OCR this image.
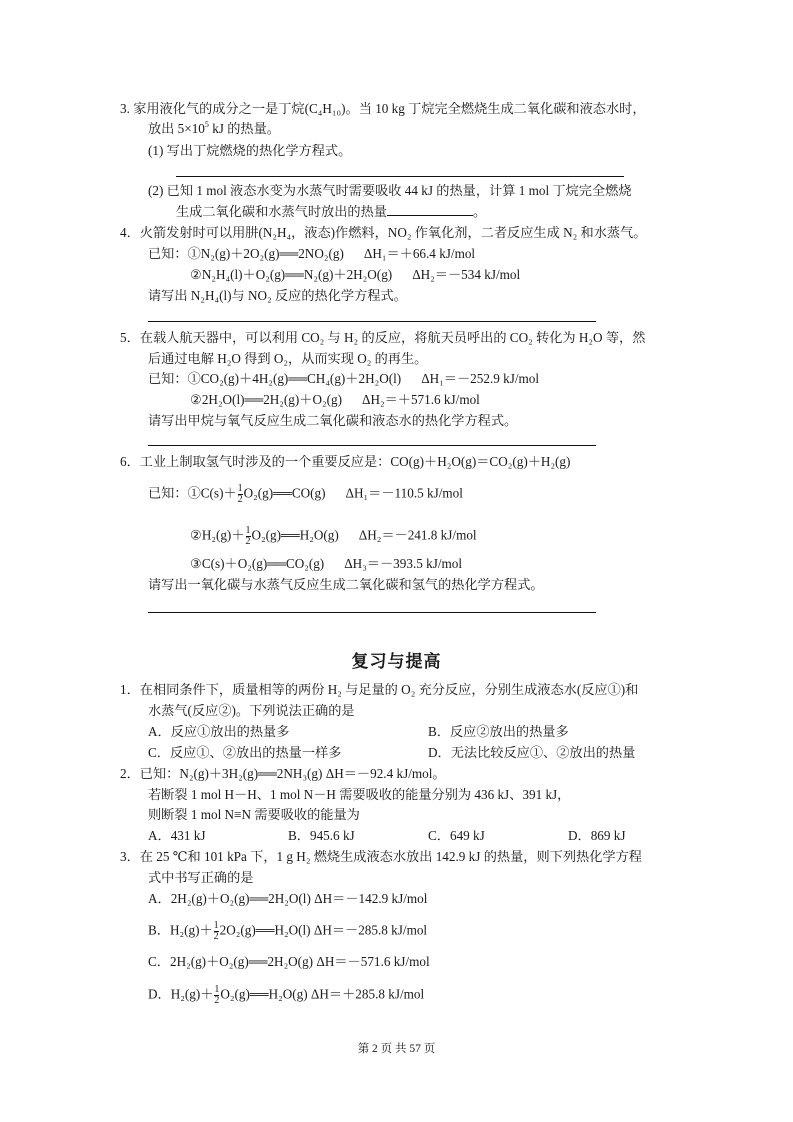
3. 家用液化气的成分之一是丁烷(C₄H₁₀)。当 10 kg 丁烷完全燃烧生成二氧化碳和液态水时，
放出 $5\times 10^5$ kJ 的热量。
(1) 写出丁烷燃烧的热化学方程式。
(2) 已知 1 mol 液态水变为水蒸气时需要吸收 44 kJ 的热量，计算 1 mol 丁烷完全燃烧
生成二氧化碳和水蒸气时放出的热量	。
4．火箭发射时可以用肼(N₂H₄，液态)作燃料，NO₂ 作氧化剂，二者反应生成 N₂ 和水蒸气。
已知：①N₂(g)＋2O₂(g)══2NO₂(g) ΔH₁＝＋66.4 kJ/mol
②N₂H₄(l)＋O₂(g)══N₂(g)＋2H₂O(g) ΔH₂＝－534 kJ/mol
请写出 N₂H₄(l)与 NO₂ 反应的热化学方程式。
5．在载人航天器中，可以利用 CO₂ 与 H₂ 的反应，将航天员呼出的 CO₂ 转化为 H₂O 等，然
后通过电解 H₂O 得到 O₂，从而实现 O₂ 的再生。
已知：①CO₂(g)＋4H₂(g)══CH₄(g)＋2H₂O(l) ΔH₁＝－252.9 kJ/mol
②2H₂O(l)══2H₂(g)＋O₂(g) ΔH₂＝＋571.6 kJ/mol
请写出甲烷与氧气反应生成二氧化碳和液态水的热化学方程式。
6．工业上制取氢气时涉及的一个重要反应是：CO(g)＋H₂O(g)＝CO₂(g)＋H₂(g)
已知：①C(s)＋ $\frac{1}{2}$ O₂(g)══CO(g) ΔH₁＝－110.5 kJ/mol
②H₂(g)＋ $\frac{1}{2}$ O₂(g)══H₂O(g) ΔH₂＝－241.8 kJ/mol
③C(s)＋O₂(g)══CO₂(g) ΔH₃＝－393.5 kJ/mol
请写出一氧化碳与水蒸气反应生成二氧化碳和氢气的热化学方程式。
复习与提高
1．在相同条件下，质量相等的两份 H₂ 与足量的 O₂ 充分反应，分别生成液态水(反应①)和
水蒸气(反应②)。下列说法正确的是
A．反应①放出的热量多	B．反应②放出的热量多
C．反应①、②放出的热量一样多	D．无法比较反应①、②放出的热量
2．已知：N₂(g)＋3H₂(g)══2NH₃(g) ΔH＝－92.4 kJ/mol。
若断裂 1 mol H－H、1 mol N－H 需要吸收的能量分别为 436 kJ、391 kJ，
则断裂 1 mol N≡N 需要吸收的能量为
A．431 kJ	B．945.6 kJ	C．649 kJ	D．869 kJ
3．在 25 ℃和 101 kPa 下，1 g H₂ 燃烧生成液态水放出 142.9 kJ 的热量，则下列热化学方程
式中书写正确的是
A．2H₂(g)＋O₂(g)══2H₂O(l) ΔH＝－142.9 kJ/mol
B．$H_2(g)+ \frac{1}{2}$ 2O₂(g)══H₂O(l) ΔH＝－285.8 kJ/mol
C．2H₂(g)＋O₂(g)══2H₂O(g) ΔH＝－571.6 kJ/mol
D．$H_2(g)+ \frac{1}{2}$ O₂(g)══H₂O(g) ΔH＝＋285.8 kJ/mol
第 2 页 共 57 页
